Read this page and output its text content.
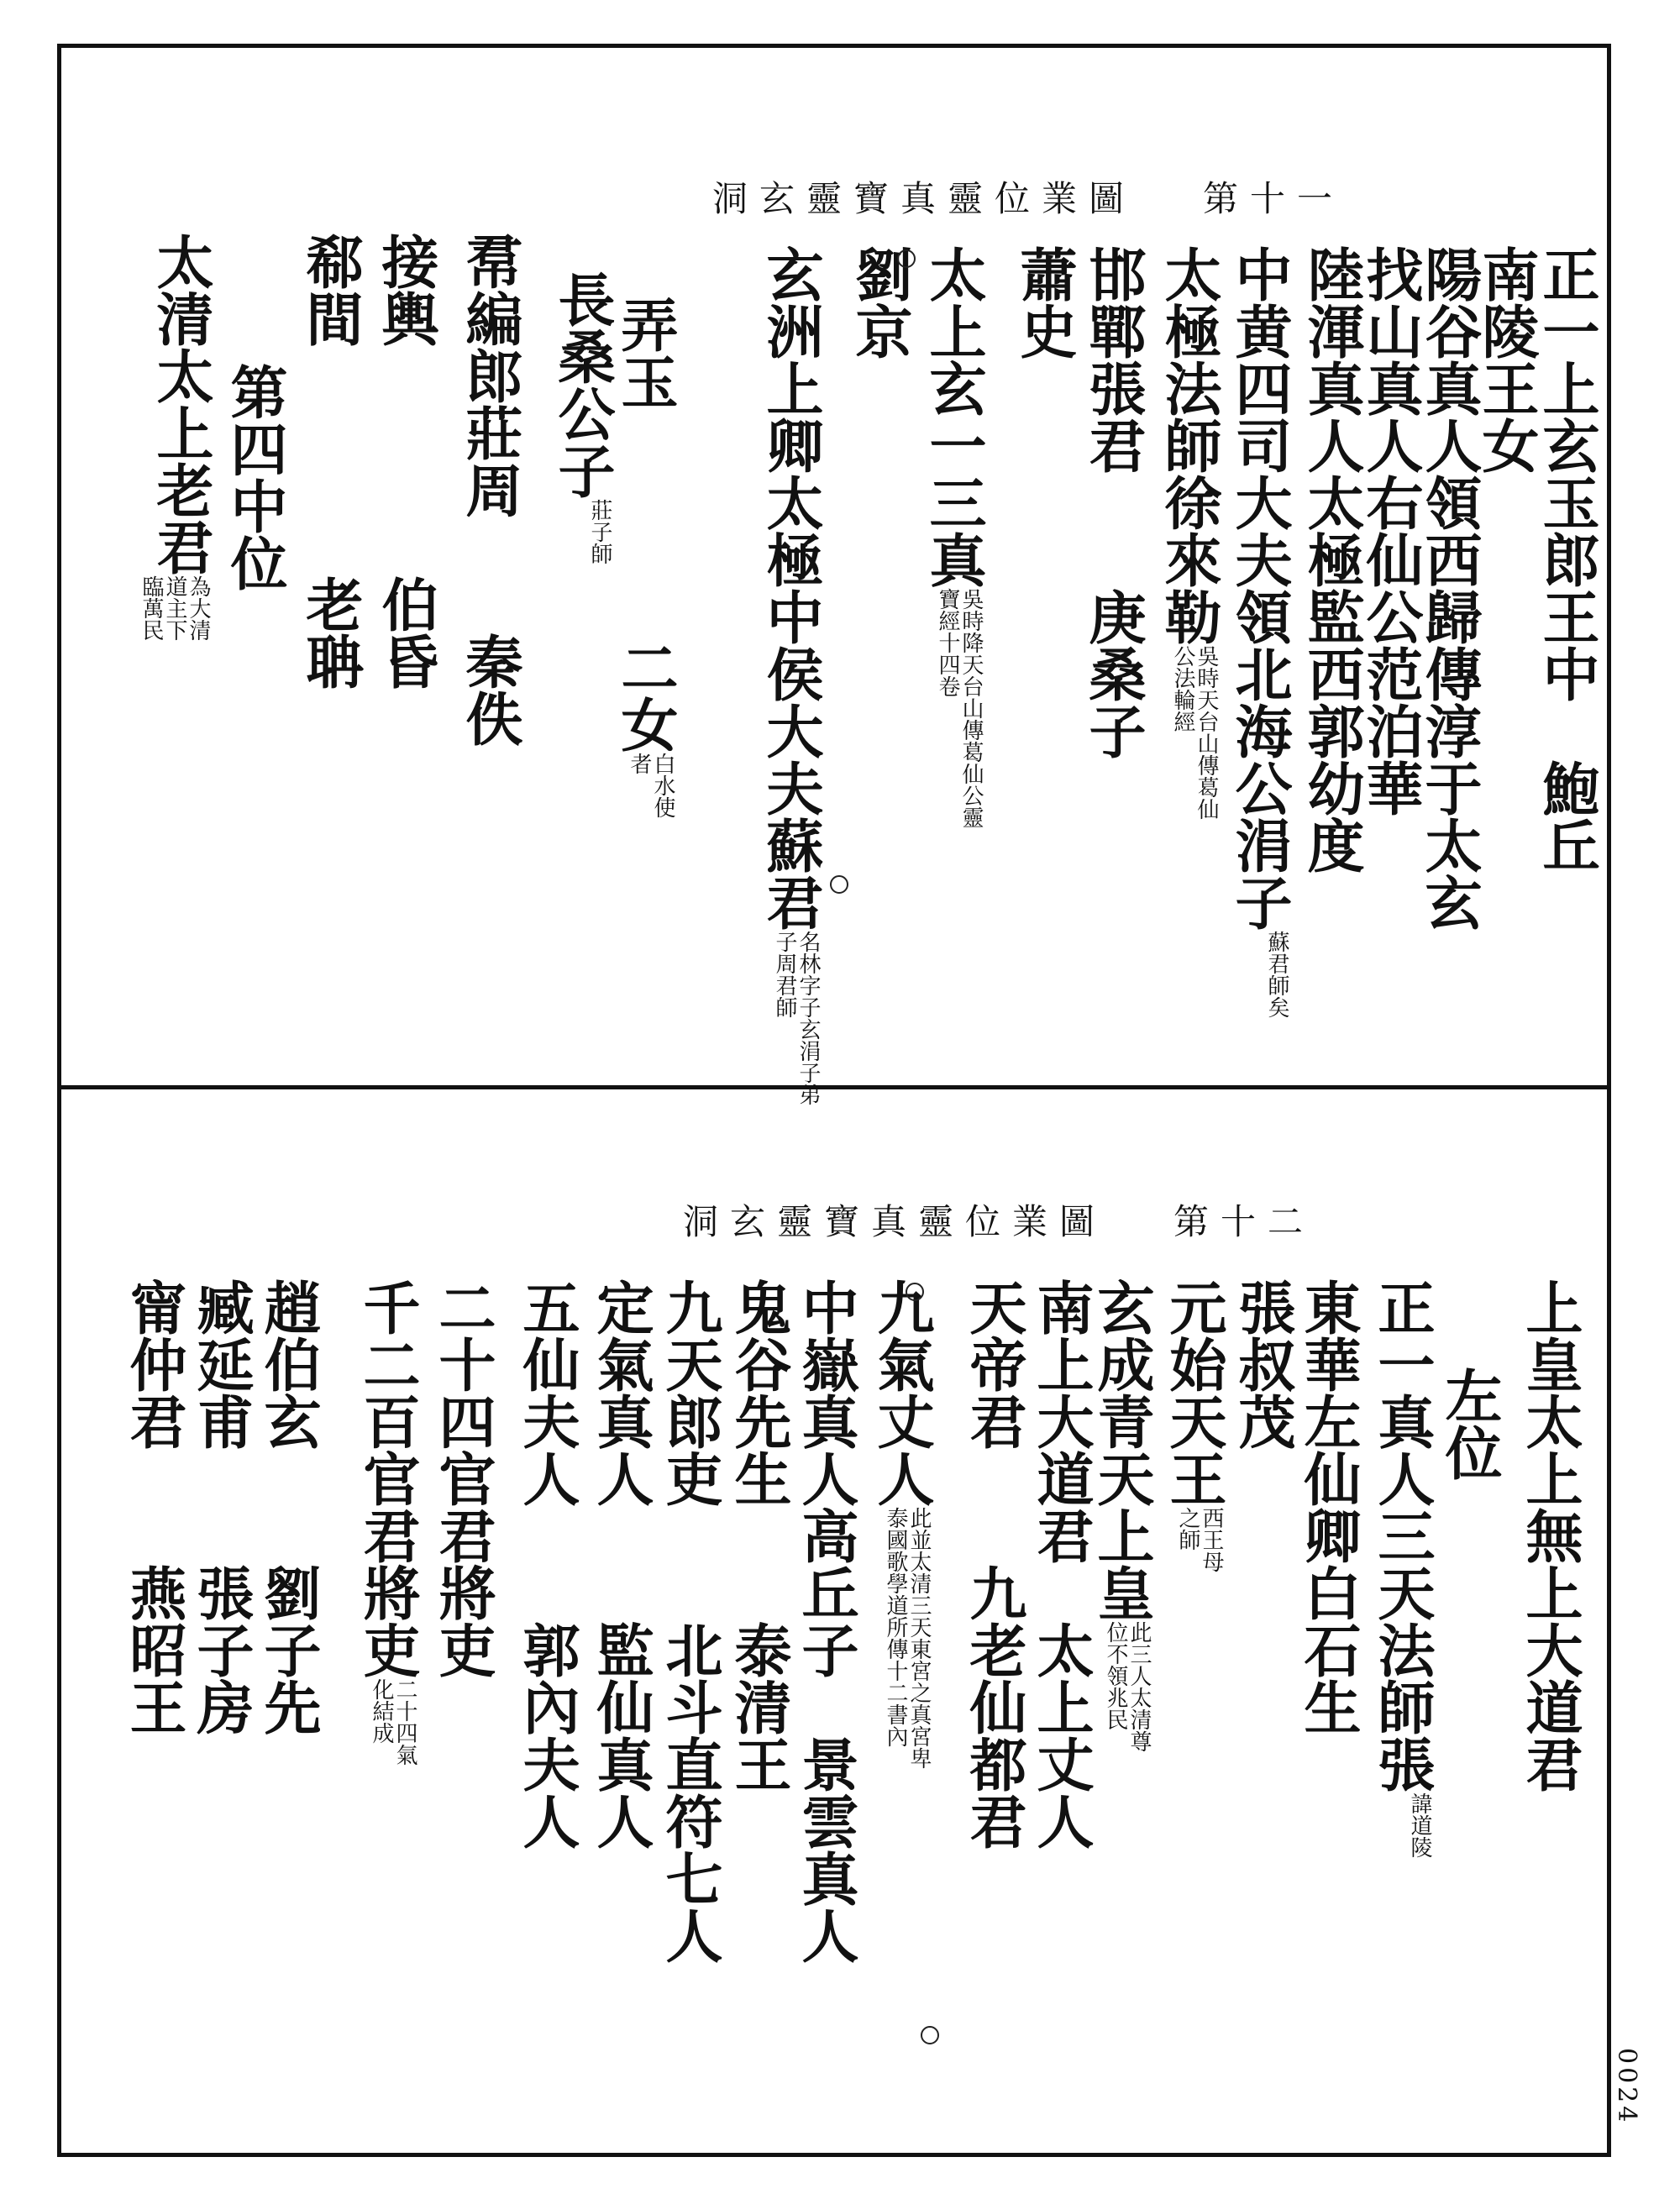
0024
洞玄靈寶真靈位業圖 第十一
正一上玄玉郎王中　鮑丘
南陵王女
陽谷真人領西歸傳淳于太玄
找山真人右仙公范泊華
陸渾真人太極監西郭幼度
中黄四司大夫領北海公涓子蘇君師矣
太極法師徐來勒吳時天台山傳葛仙公法輪經
邯鄲張君　　庚桑子
蕭史
太上玄一三真吳時降天台山傳葛仙公靈寶經十四卷
劉京
玄洲上卿太極中侯大夫蘇君名林字子玄涓子弟子周君師
弄玉　　　　二女白水使者
長桑公子莊子師
帬編郎莊周　　秦佚
接輿　　　　伯昏
郗間　　　　老聃
第四中位
太清太上老君為大清道主下臨萬民
洞玄靈寶真靈位業圖 第十二
上皇太上無上大道君
左位
正一真人三天法師張諱道陵
東華左仙卿白石生
張叔茂
元始天王西王母之師
玄成青天上皇此三人太清尊位不領兆民
南上大道君　太上丈人
天帝君　　九老仙都君
九氣丈人此並太清三天東宮之真宮卑泰國歌學道所傳十二書內
中嶽真人高丘子　景雲真人
鬼谷先生　　泰清王
九天郎吏　　北斗直符七人
定氣真人　　監仙真人
五仙夫人　　郭內夫人
二十四官君將吏
千二百官君將吏二十四氣化結成
趙伯玄　　劉子先
臧延甫　　張子房
甯仲君　　燕昭王
